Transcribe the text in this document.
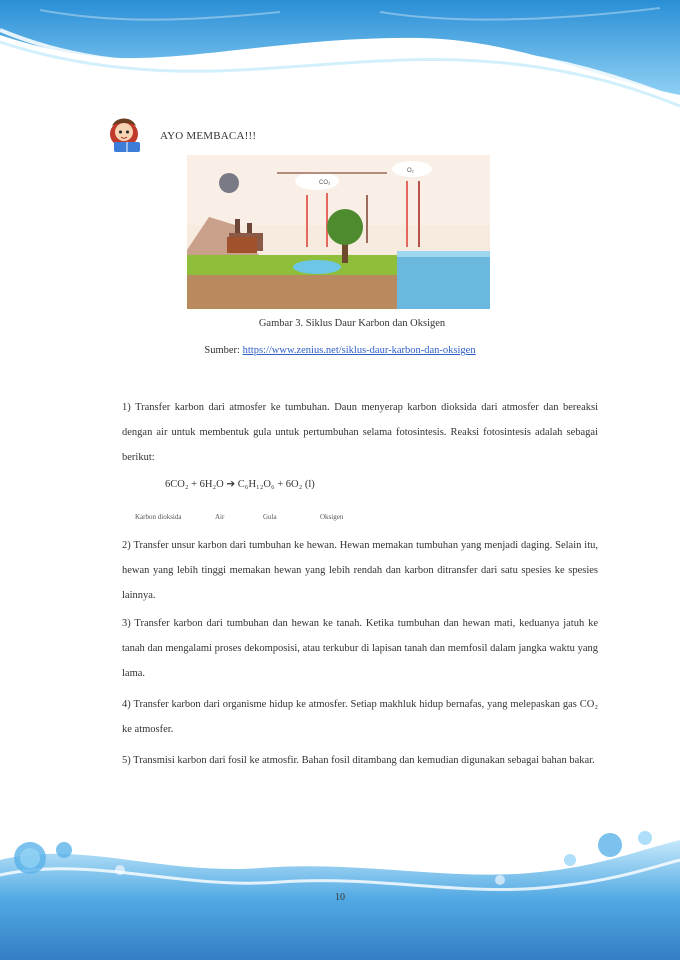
AYO MEMBACA!!!
CO₂
O₂
Gambar 3. Siklus Daur Karbon dan Oksigen
Sumber: https://www.zenius.net/siklus-daur-karbon-dan-oksigen
1) Transfer karbon dari atmosfer ke tumbuhan. Daun menyerap karbon dioksida dari atmosfer dan bereaksi dengan air untuk membentuk gula untuk pertumbuhan selama fotosintesis. Reaksi fotosintesis adalah sebagai berikut:
6CO₂ + 6H₂O ➔ C₆H₁₂O₆ + 6O₂ (l)
Karbon dioksida	Air	Gula	Oksigen
2) Transfer unsur karbon dari tumbuhan ke hewan. Hewan memakan tumbuhan yang menjadi daging. Selain itu, hewan yang lebih tinggi memakan hewan yang lebih rendah dan karbon ditransfer dari satu spesies ke spesies lainnya.
3) Transfer karbon dari tumbuhan dan hewan ke tanah. Ketika tumbuhan dan hewan mati, keduanya jatuh ke tanah dan mengalami proses dekomposisi, atau terkubur di lapisan tanah dan memfosil dalam jangka waktu yang lama.
4) Transfer karbon dari organisme hidup ke atmosfer. Setiap makhluk hidup bernafas, yang melepaskan gas CO₂ ke atmosfer.
5) Transmisi karbon dari fosil ke atmosfir. Bahan fosil ditambang dan kemudian digunakan sebagai bahan bakar.
10
